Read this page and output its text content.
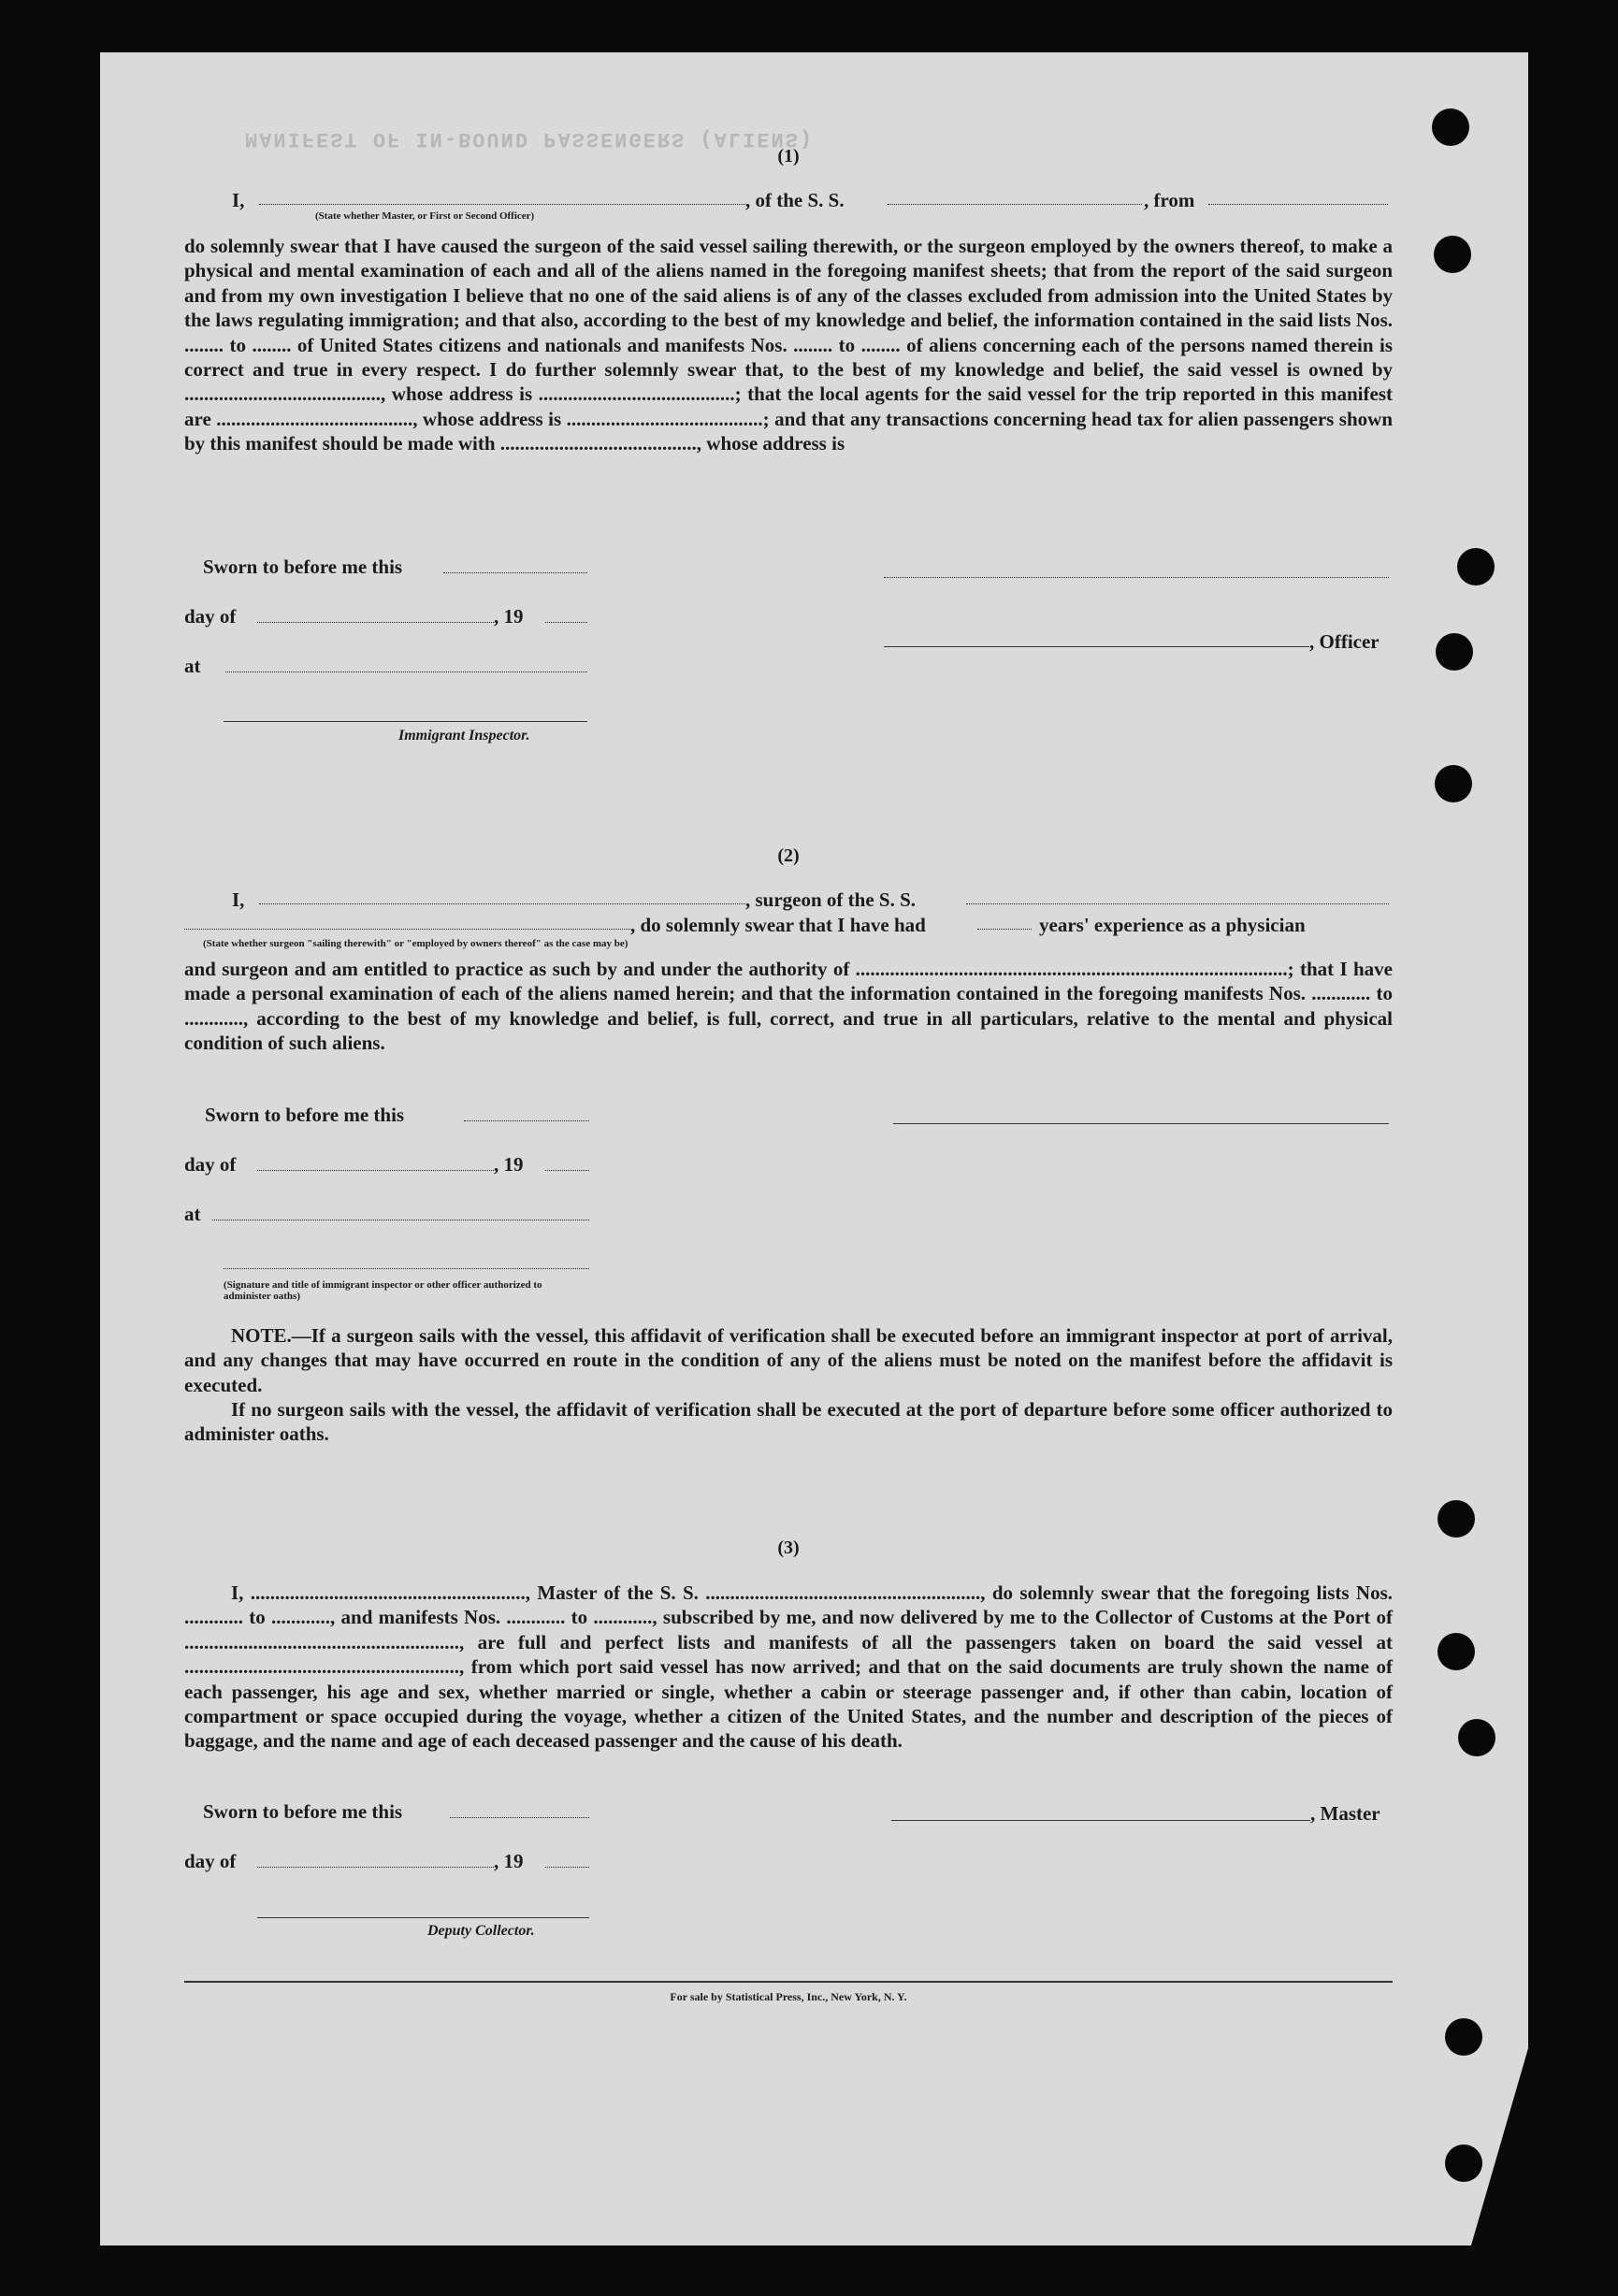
MANIFEST OF IN-BOUND PASSENGERS (ALIENS)
(1)
I,	, of the S. S.	, from
(State whether Master, or First or Second Officer)
do solemnly swear that I have caused the surgeon of the said vessel sailing therewith, or the surgeon employed by the owners thereof, to make a physical and mental examination of each and all of the aliens named in the foregoing manifest sheets; that from the report of the said surgeon and from my own investigation I believe that no one of the said aliens is of any of the classes excluded from admission into the United States by the laws regulating immigration; and that also, according to the best of my knowledge and belief, the information contained in the said lists Nos. ........ to ........ of United States citizens and nationals and manifests Nos. ........ to ........ of aliens concerning each of the persons named therein is correct and true in every respect. I do further solemnly swear that, to the best of my knowledge and belief, the said vessel is owned by ........................................, whose address is ........................................; that the local agents for the said vessel for the trip reported in this manifest are ........................................, whose address is ........................................; and that any transactions concerning head tax for alien passengers shown by this manifest should be made with ........................................, whose address is
Sworn to before me this
day of	, 19
at
Immigrant Inspector.
, Officer
(2)
I,	, surgeon of the S. S.
, do solemnly swear that I have had	years' experience as a physician
(State whether surgeon "sailing therewith" or "employed by owners thereof" as the case may be)
and surgeon and am entitled to practice as such by and under the authority of ........................................................................................; that I have made a personal examination of each of the aliens named herein; and that the information contained in the foregoing manifests Nos. ............ to ............, according to the best of my knowledge and belief, is full, correct, and true in all particulars, relative to the mental and physical condition of such aliens.
Sworn to before me this
day of	, 19
at
(Signature and title of immigrant inspector or other officer authorized to administer oaths)
NOTE.—If a surgeon sails with the vessel, this affidavit of verification shall be executed before an immigrant inspector at port of arrival, and any changes that may have occurred en route in the condition of any of the aliens must be noted on the manifest before the affidavit is executed.
If no surgeon sails with the vessel, the affidavit of verification shall be executed at the port of departure before some officer authorized to administer oaths.
(3)
I, ........................................................, Master of the S. S. ........................................................, do solemnly swear that the foregoing lists Nos. ............ to ............, and manifests Nos. ............ to ............, subscribed by me, and now delivered by me to the Collector of Customs at the Port of ........................................................, are full and perfect lists and manifests of all the passengers taken on board the said vessel at ........................................................, from which port said vessel has now arrived; and that on the said documents are truly shown the name of each passenger, his age and sex, whether married or single, whether a cabin or steerage passenger and, if other than cabin, location of compartment or space occupied during the voyage, whether a citizen of the United States, and the number and description of the pieces of baggage, and the name and age of each deceased passenger and the cause of his death.
Sworn to before me this
day of	, 19
Deputy Collector.
, Master
For sale by Statistical Press, Inc., New York, N. Y.
